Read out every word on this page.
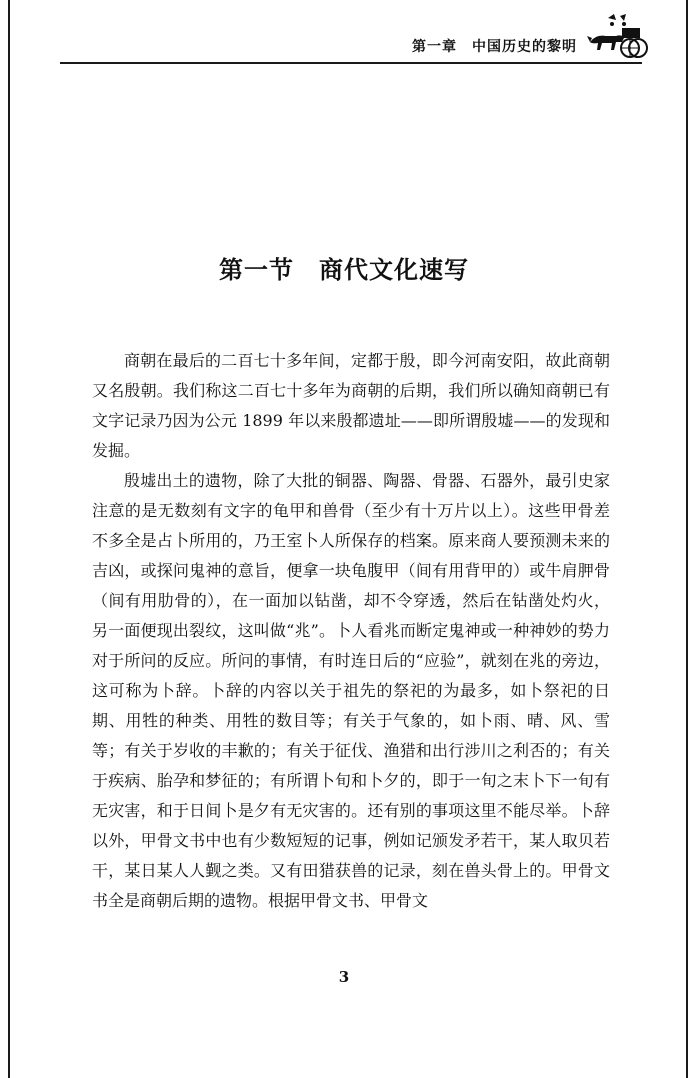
第一章　中国历史的黎明
第一节　商代文化速写

商朝在最后的二百七十多年间，定都于殷，即今河南安阳，故此商朝又名殷朝。我们称这二百七十多年为商朝的后期，我们所以确知商朝已有文字记录乃因为公元 1899 年以来殷都遗址——即所谓殷墟——的发现和发掘。

殷墟出土的遗物，除了大批的铜器、陶器、骨器、石器外，最引史家注意的是无数刻有文字的龟甲和兽骨（至少有十万片以上）。这些甲骨差不多全是占卜所用的，乃王室卜人所保存的档案。原来商人要预测未来的吉凶，或探问鬼神的意旨，便拿一块龟腹甲（间有用背甲的）或牛肩胛骨（间有用肋骨的），在一面加以钻凿，却不令穿透，然后在钻凿处灼火，另一面便现出裂纹，这叫做“兆”。卜人看兆而断定鬼神或一种神妙的势力对于所问的反应。所问的事情，有时连日后的“应验”，就刻在兆的旁边，这可称为卜辞。卜辞的内容以关于祖先的祭祀的为最多，如卜祭祀的日期、用牲的种类、用牲的数目等；有关于气象的，如卜雨、晴、风、雪等；有关于岁收的丰歉的；有关于征伐、渔猎和出行涉川之利否的；有关于疾病、胎孕和梦征的；有所谓卜旬和卜夕的，即于一旬之末卜下一旬有无灾害，和于日间卜是夕有无灾害的。还有别的事项这里不能尽举。卜辞以外，甲骨文书中也有少数短短的记事，例如记颁发矛若干，某人取贝若干，某日某人人觐之类。又有田猎获兽的记录，刻在兽头骨上的。甲骨文书全是商朝后期的遗物。根据甲骨文书、甲骨文

3
